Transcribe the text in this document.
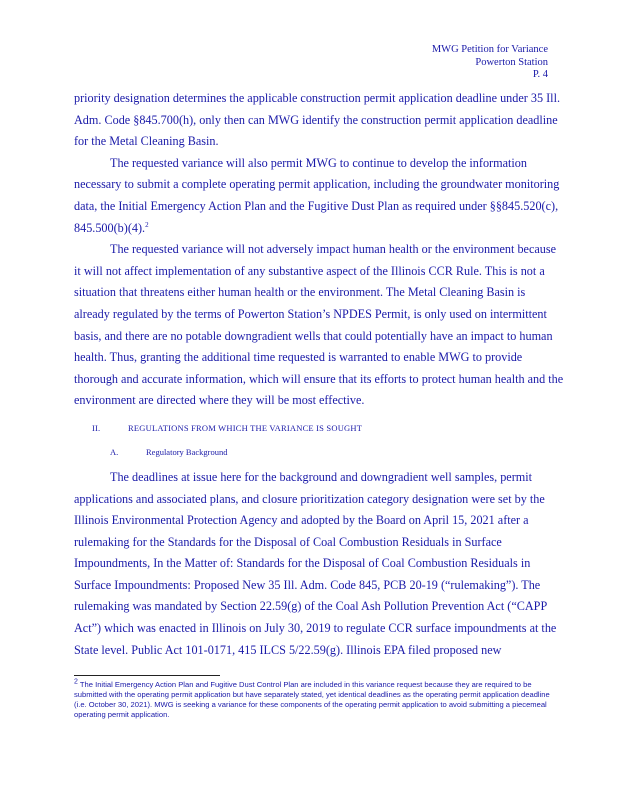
MWG Petition for Variance
Powerton Station
P. 4

priority designation determines the applicable construction permit application deadline under 35 Ill. Adm. Code §845.700(h), only then can MWG identify the construction permit application deadline for the Metal Cleaning Basin.

The requested variance will also permit MWG to continue to develop the information necessary to submit a complete operating permit application, including the groundwater monitoring data, the Initial Emergency Action Plan and the Fugitive Dust Plan as required under §§845.520(c), 845.500(b)(4).$^2$

The requested variance will not adversely impact human health or the environment because it will not affect implementation of any substantive aspect of the Illinois CCR Rule. This is not a situation that threatens either human health or the environment. The Metal Cleaning Basin is already regulated by the terms of Powerton Station’s NPDES Permit, is only used on intermittent basis, and there are no potable downgradient wells that could potentially have an impact to human health. Thus, granting the additional time requested is warranted to enable MWG to provide thorough and accurate information, which will ensure that its efforts to protect human health and the environment are directed where they will be most effective.

II.	REGULATIONS FROM WHICH THE VARIANCE IS SOUGHT

A.	Regulatory Background

The deadlines at issue here for the background and downgradient well samples, permit applications and associated plans, and closure prioritization category designation were set by the Illinois Environmental Protection Agency and adopted by the Board on April 15, 2021 after a rulemaking for the Standards for the Disposal of Coal Combustion Residuals in Surface Impoundments, In the Matter of: Standards for the Disposal of Coal Combustion Residuals in Surface Impoundments: Proposed New 35 Ill. Adm. Code 845, PCB 20-19 (“rulemaking”). The rulemaking was mandated by Section 22.59(g) of the Coal Ash Pollution Prevention Act (“CAPP Act”) which was enacted in Illinois on July 30, 2019 to regulate CCR surface impoundments at the State level. Public Act 101-0171, 415 ILCS 5/22.59(g). Illinois EPA filed proposed new

$^2$ The Initial Emergency Action Plan and Fugitive Dust Control Plan are included in this variance request because they are required to be submitted with the operating permit application but have separately stated, yet identical deadlines as the operating permit application deadline (i.e. October 30, 2021). MWG is seeking a variance for these components of the operating permit application to avoid submitting a piecemeal operating permit application.
